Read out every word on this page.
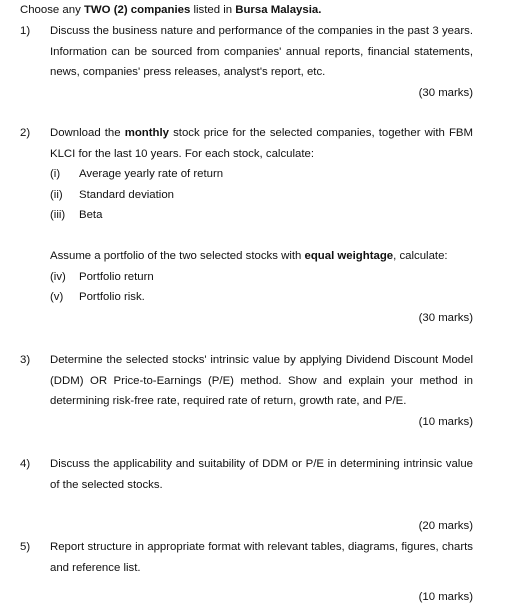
Choose any TWO (2) companies listed in Bursa Malaysia.
1) Discuss the business nature and performance of the companies in the past 3 years. Information can be sourced from companies' annual reports, financial statements, news, companies' press releases, analyst's report, etc.

(30 marks)
2) Download the monthly stock price for the selected companies, together with FBM KLCI for the last 10 years. For each stock, calculate:

(i)	Average yearly rate of return
(ii)	Standard deviation
(iii)	Beta

Assume a portfolio of the two selected stocks with equal weightage, calculate:

(iv)	Portfolio return
(v)	Portfolio risk.
(30 marks)
3) Determine the selected stocks' intrinsic value by applying Dividend Discount Model (DDM) OR Price-to-Earnings (P/E) method. Show and explain your method in determining risk-free rate, required rate of return, growth rate, and P/E.

(10 marks)
4) Discuss the applicability and suitability of DDM or P/E in determining intrinsic value of the selected stocks.

(20 marks)
5) Report structure in appropriate format with relevant tables, diagrams, figures, charts and reference list.

(10 marks)
